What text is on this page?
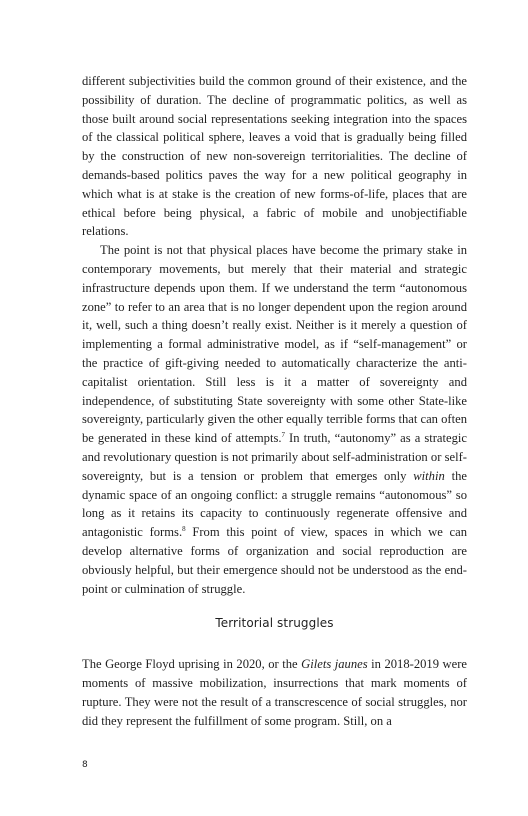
different subjectivities build the common ground of their existence, and the possibility of duration. The decline of programmatic politics, as well as those built around social representations seeking integration into the spaces of the classical political sphere, leaves a void that is gradually being filled by the construction of new non-sovereign territorialities. The decline of demands-based politics paves the way for a new political geography in which what is at stake is the creation of new forms-of-life, places that are ethical before being physical, a fabric of mobile and unobjectifiable relations.

The point is not that physical places have become the primary stake in contemporary movements, but merely that their material and strategic infrastructure depends upon them. If we understand the term “autonomous zone” to refer to an area that is no longer dependent upon the region around it, well, such a thing doesn’t really exist. Neither is it merely a question of implementing a formal administrative model, as if “self-management” or the practice of gift-giving needed to automatically characterize the anti-capitalist orientation. Still less is it a matter of sovereignty and independence, of substituting State sovereignty with some other State-like sovereignty, particularly given the other equally terrible forms that can often be generated in these kind of attempts.$^7$ In truth, “autonomy” as a strategic and revolutionary question is not primarily about self-administration or self-sovereignty, but is a tension or problem that emerges only within the dynamic space of an ongoing conflict: a struggle remains “autonomous” so long as it retains its capacity to continuously regenerate offensive and antagonistic forms.$^8$ From this point of view, spaces in which we can develop alternative forms of organization and social reproduction are obviously helpful, but their emergence should not be understood as the end-point or culmination of struggle.

Territorial struggles

The George Floyd uprising in 2020, or the Gilets jaunes in 2018-2019 were moments of massive mobilization, insurrections that mark moments of rupture. They were not the result of a transcrescence of social struggles, nor did they represent the fulfillment of some program. Still, on a

8
